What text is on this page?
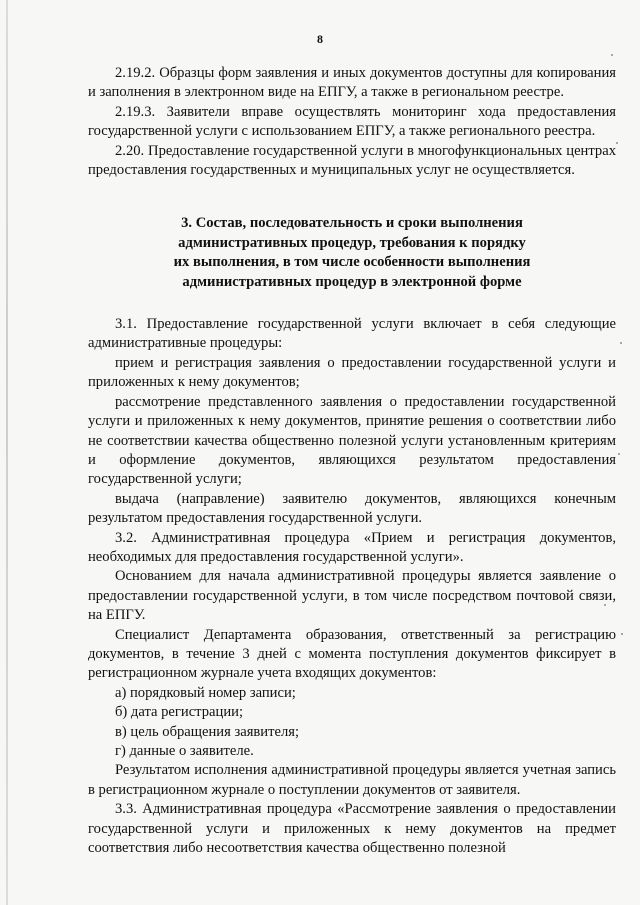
8

2.19.2. Образцы форм заявления и иных документов доступны для копирования и заполнения в электронном виде на ЕПГУ, а также в региональном реестре.

2.19.3. Заявители вправе осуществлять мониторинг хода предоставления государственной услуги с использованием ЕПГУ, а также регионального реестра.

2.20. Предоставление государственной услуги в многофункциональных центрах предоставления государственных и муниципальных услуг не осуществляется.

3. Состав, последовательность и сроки выполнения
административных процедур, требования к порядку
их выполнения, в том числе особенности выполнения
административных процедур в электронной форме

3.1. Предоставление государственной услуги включает в себя следующие административные процедуры:

прием и регистрация заявления о предоставлении государственной услуги и приложенных к нему документов;

рассмотрение представленного заявления о предоставлении государственной услуги и приложенных к нему документов, принятие решения о соответствии либо не соответствии качества общественно полезной услуги установленным критериям и оформление документов, являющихся результатом предоставления государственной услуги;

выдача (направление) заявителю документов, являющихся конечным результатом предоставления государственной услуги.

3.2. Административная процедура «Прием и регистрация документов, необходимых для предоставления государственной услуги».

Основанием для начала административной процедуры является заявление о предоставлении государственной услуги, в том числе посредством почтовой связи, на ЕПГУ.

Специалист Департамента образования, ответственный за регистрацию документов, в течение 3 дней с момента поступления документов фиксирует в регистрационном журнале учета входящих документов:

а) порядковый номер записи;

б) дата регистрации;

в) цель обращения заявителя;

г) данные о заявителе.

Результатом исполнения административной процедуры является учетная запись в регистрационном журнале о поступлении документов от заявителя.

3.3. Административная процедура «Рассмотрение заявления о предоставлении государственной услуги и приложенных к нему документов на предмет соответствия либо несоответствия качества общественно полезной
